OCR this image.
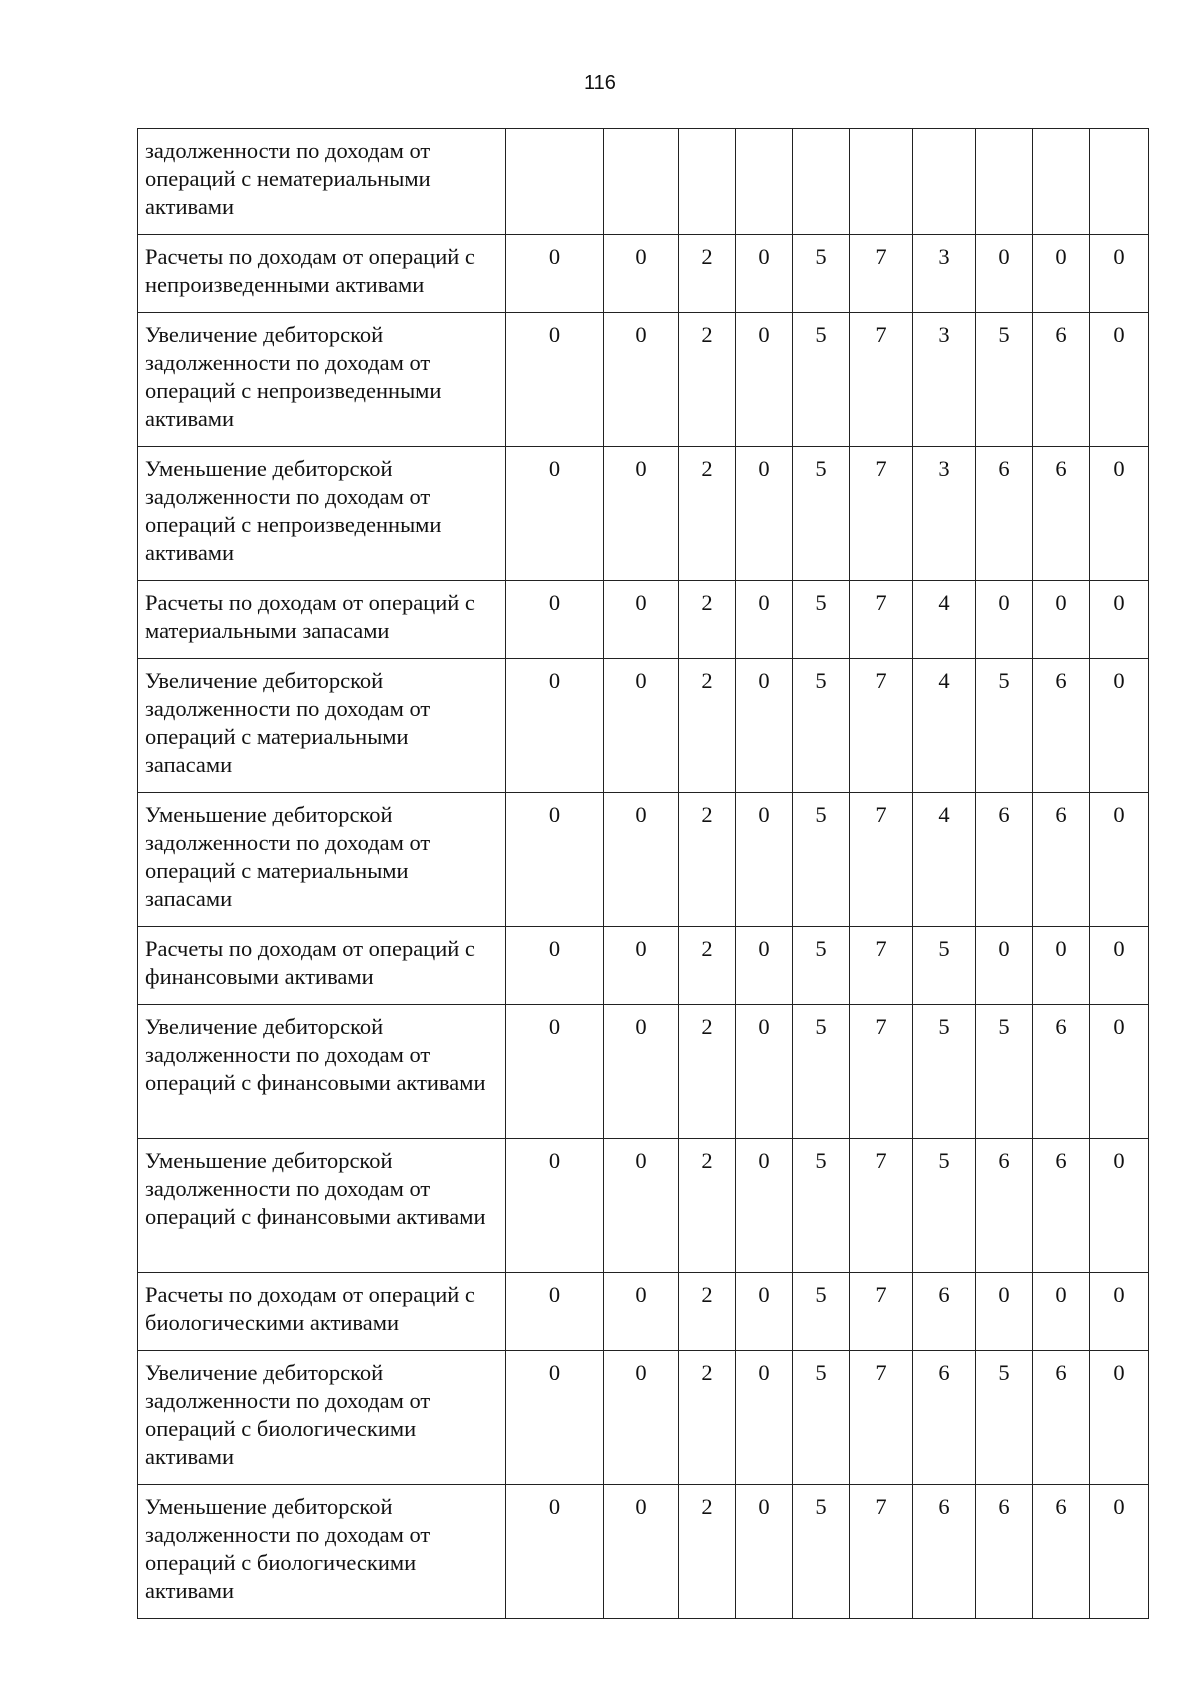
116
задолженности по доходам от операций с нематериальными активами										
Расчеты по доходам от операций с непроизведенными активами	0	0	2	0	5	7	3	0	0	0
Увеличение дебиторской задолженности по доходам от операций с непроизведенными активами	0	0	2	0	5	7	3	5	6	0
Уменьшение дебиторской задолженности по доходам от операций с непроизведенными активами	0	0	2	0	5	7	3	6	6	0
Расчеты по доходам от операций с материальными запасами	0	0	2	0	5	7	4	0	0	0
Увеличение дебиторской задолженности по доходам от операций с материальными запасами	0	0	2	0	5	7	4	5	6	0
Уменьшение дебиторской задолженности по доходам от операций с материальными запасами	0	0	2	0	5	7	4	6	6	0
Расчеты по доходам от операций с финансовыми активами	0	0	2	0	5	7	5	0	0	0
Увеличение дебиторской задолженности по доходам от операций с финансовыми активами	0	0	2	0	5	7	5	5	6	0
Уменьшение дебиторской задолженности по доходам от операций с финансовыми активами	0	0	2	0	5	7	5	6	6	0
Расчеты по доходам от операций с биологическими активами	0	0	2	0	5	7	6	0	0	0
Увеличение дебиторской задолженности по доходам от операций с биологическими активами	0	0	2	0	5	7	6	5	6	0
Уменьшение дебиторской задолженности по доходам от операций с биологическими активами	0	0	2	0	5	7	6	6	6	0
